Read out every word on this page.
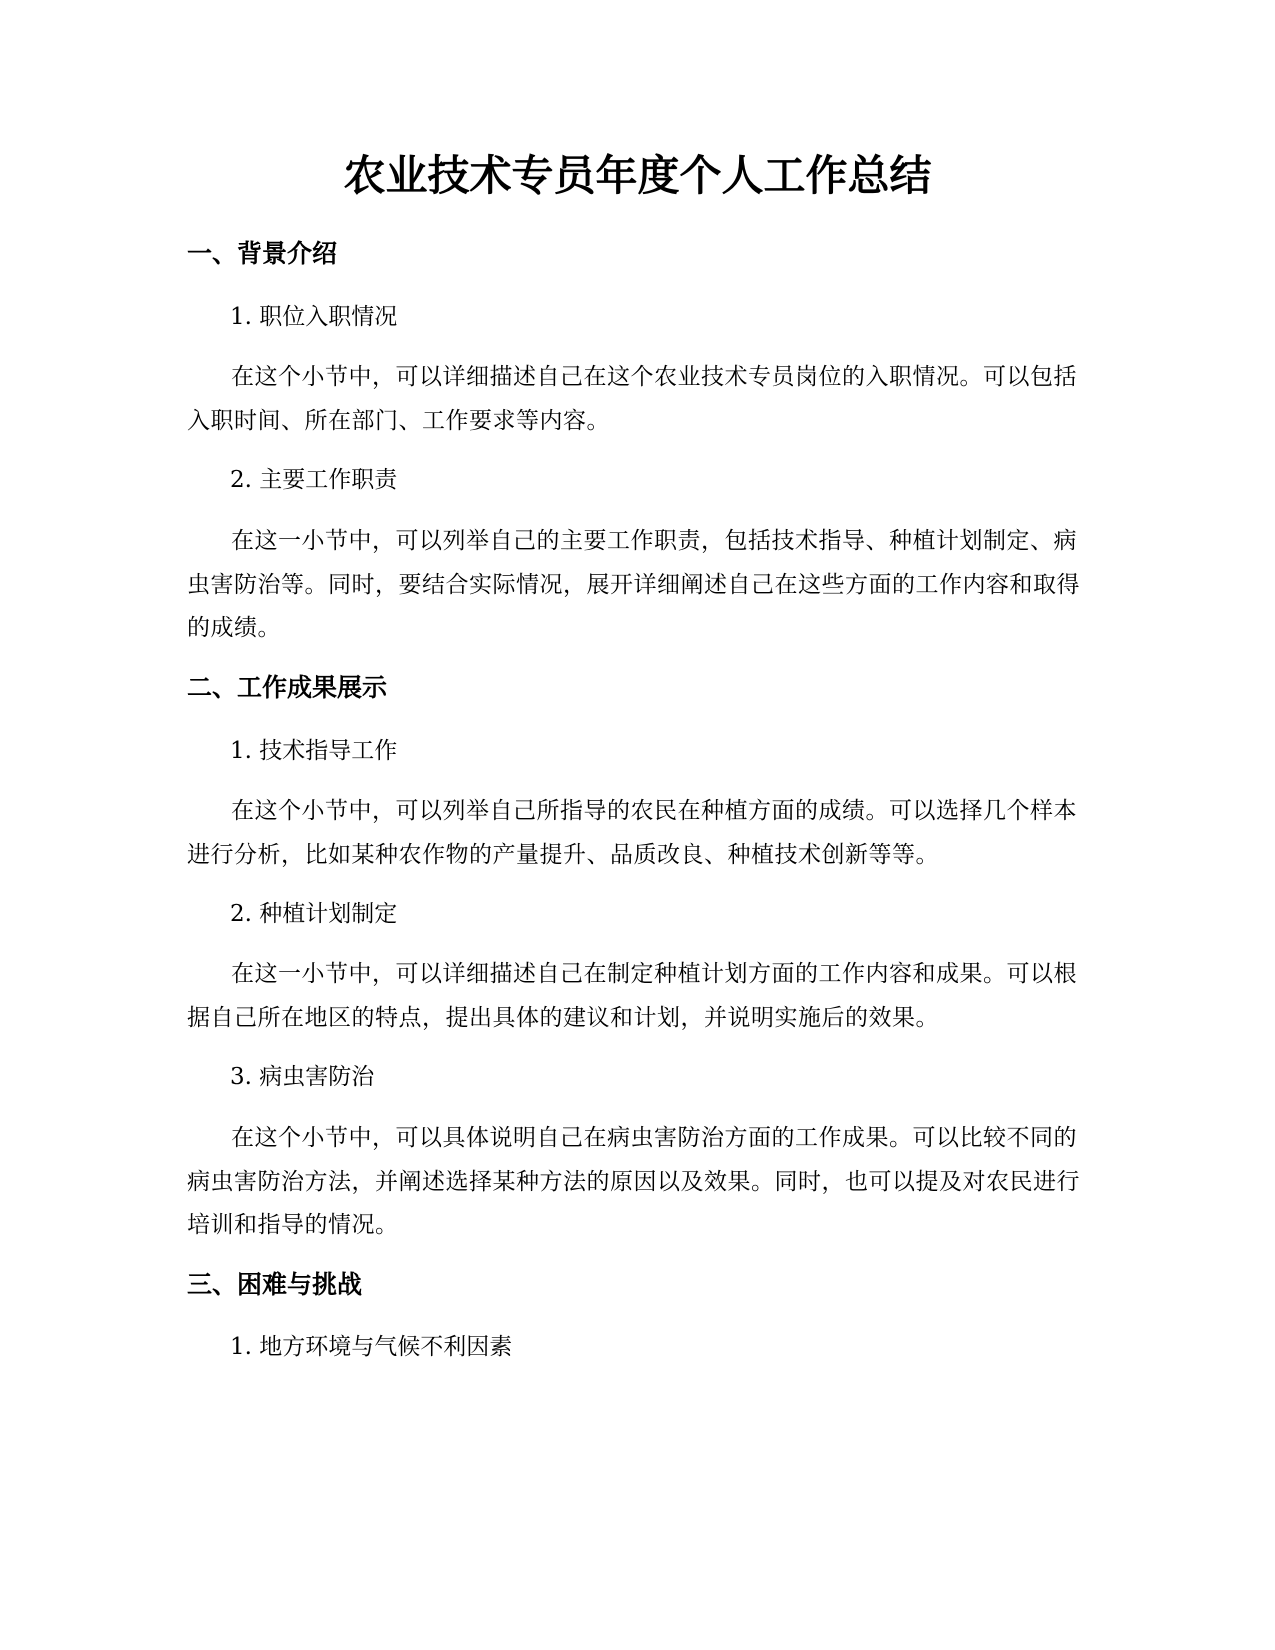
农业技术专员年度个人工作总结
一、背景介绍
1. 职位入职情况

在这个小节中，可以详细描述自己在这个农业技术专员岗位的入职情况。可以包括入职时间、所在部门、工作要求等内容。

2. 主要工作职责

在这一小节中，可以列举自己的主要工作职责，包括技术指导、种植计划制定、病虫害防治等。同时，要结合实际情况，展开详细阐述自己在这些方面的工作内容和取得的成绩。

二、工作成果展示
1. 技术指导工作

在这个小节中，可以列举自己所指导的农民在种植方面的成绩。可以选择几个样本进行分析，比如某种农作物的产量提升、品质改良、种植技术创新等等。

2. 种植计划制定

在这一小节中，可以详细描述自己在制定种植计划方面的工作内容和成果。可以根据自己所在地区的特点，提出具体的建议和计划，并说明实施后的效果。

3. 病虫害防治

在这个小节中，可以具体说明自己在病虫害防治方面的工作成果。可以比较不同的病虫害防治方法，并阐述选择某种方法的原因以及效果。同时，也可以提及对农民进行培训和指导的情况。

三、困难与挑战
1. 地方环境与气候不利因素
